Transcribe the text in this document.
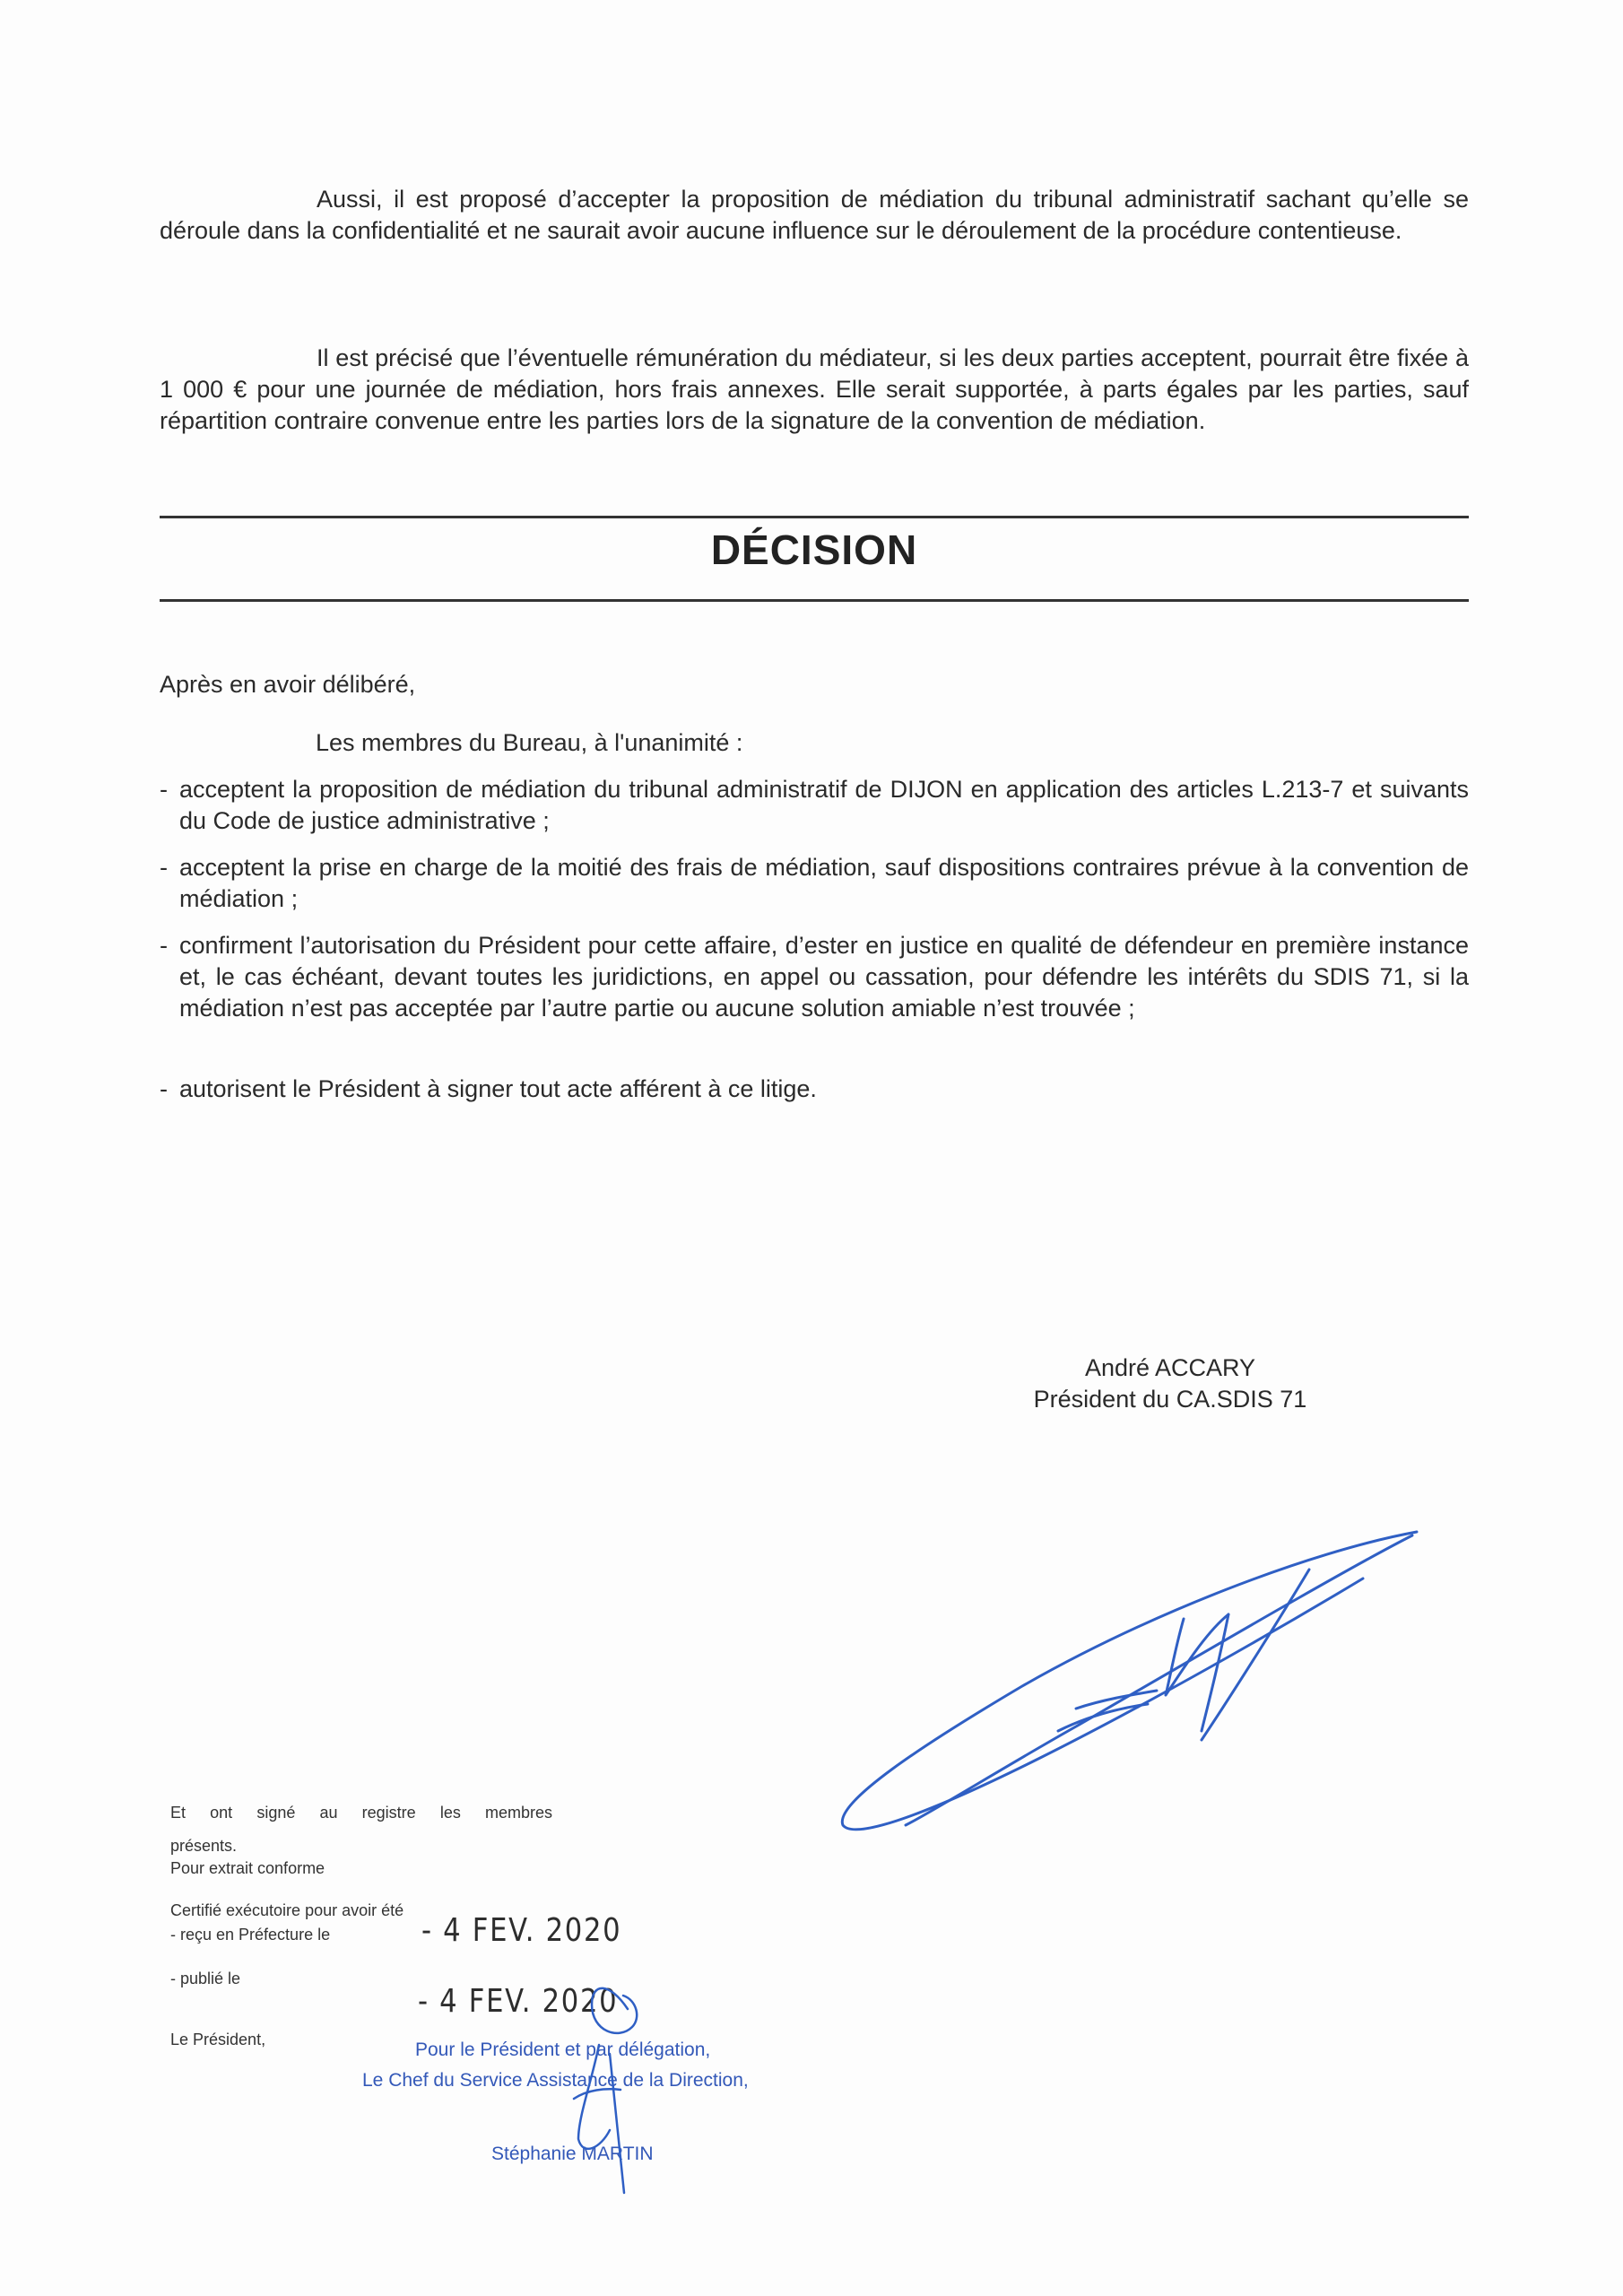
Aussi, il est proposé d’accepter la proposition de médiation du tribunal administratif sachant qu’elle se déroule dans la confidentialité et ne saurait avoir aucune influence sur le déroulement de la procédure contentieuse.
Il est précisé que l’éventuelle rémunération du médiateur, si les deux parties acceptent, pourrait être fixée à 1 000 € pour une journée de médiation, hors frais annexes. Elle serait supportée, à parts égales par les parties, sauf répartition contraire convenue entre les parties lors de la signature de la convention de médiation.
DÉCISION
Après en avoir délibéré,
Les membres du Bureau, à l'unanimité :
- acceptent la proposition de médiation du tribunal administratif de DIJON en application des articles L.213-7 et suivants du Code de justice administrative ;
- acceptent la prise en charge de la moitié des frais de médiation, sauf dispositions contraires prévue à la convention de médiation ;
- confirment l’autorisation du Président pour cette affaire, d’ester en justice en qualité de défendeur en première instance et, le cas échéant, devant toutes les juridictions, en appel ou cassation, pour défendre les intérêts du SDIS 71, si la médiation n’est pas acceptée par l’autre partie ou aucune solution amiable n’est trouvée ;
- autorisent le Président à signer tout acte afférent à ce litige.
André ACCARY
Président du CA.SDIS 71
Et ont signé au registre les membres
présents.
Pour extrait conforme
Certifié exécutoire pour avoir été
- reçu en Préfecture le	- 4 FEV. 2020
- publié le
- 4 FEV. 2020
Le Président,	Pour le Président et par délégation,
Le Chef du Service Assistance de la Direction,
Stéphanie MARTIN
